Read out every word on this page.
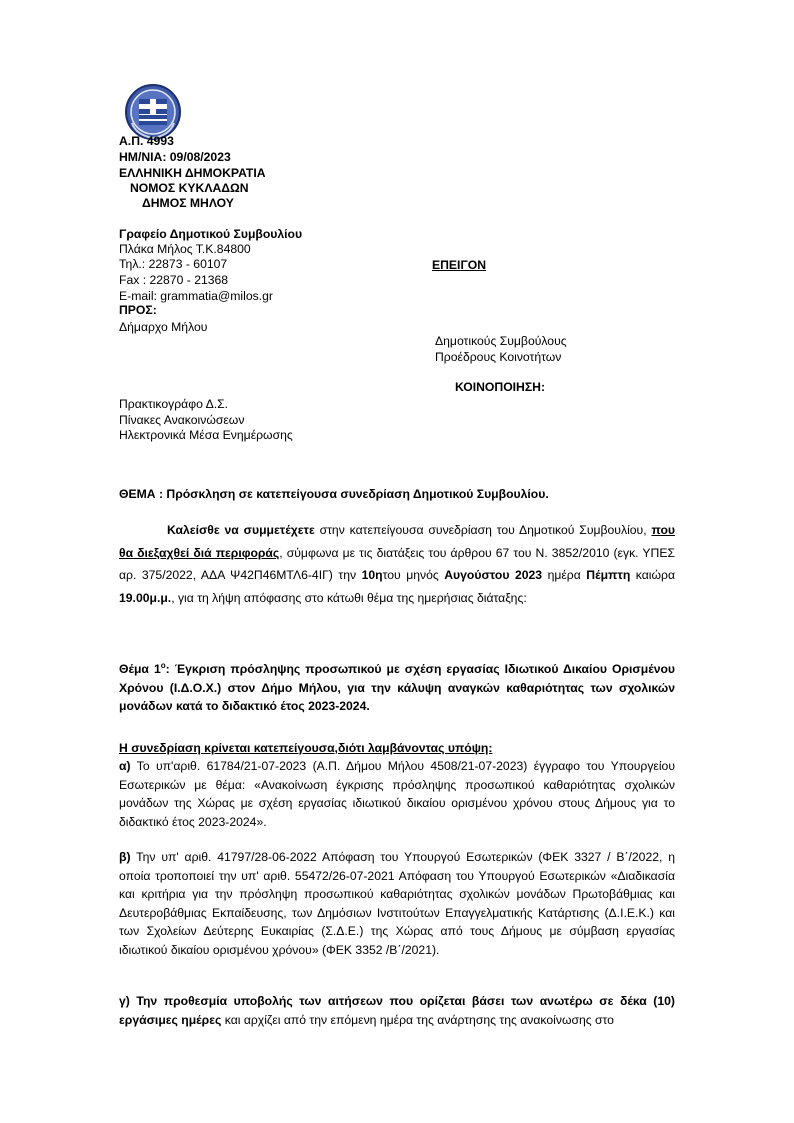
Α.Π. 4993
ΗΜ/ΝΙΑ: 09/08/2023
ΕΛΛΗΝΙΚΗ ΔΗΜΟΚΡΑΤΙΑ
ΝΟΜΟΣ ΚΥΚΛΑΔΩΝ
ΔΗΜΟΣ ΜΗΛΟΥ
Γραφείο Δημοτικού Συμβουλίου
Πλάκα Μήλος Τ.Κ.84800
Τηλ.: 22873 - 60107
Fax : 22870 - 21368
E-mail: grammatia@milos.gr
ΕΠΕΙΓΟΝ
ΠΡΟΣ:
Δήμαρχο Μήλου
Δημοτικούς Συμβούλους
Προέδρους Κοινοτήτων
ΚΟΙΝΟΠΟΙΗΣΗ:
Πρακτικογράφο Δ.Σ.
Πίνακες Ανακοινώσεων
Ηλεκτρονικά Μέσα Ενημέρωσης
ΘΕΜΑ : Πρόσκληση σε κατεπείγουσα συνεδρίαση Δημοτικού Συμβουλίου.
Καλείσθε να συμμετέχετε στην κατεπείγουσα συνεδρίαση του Δημοτικού Συμβουλίου, που θα διεξαχθεί διά περιφοράς, σύμφωνα με τις διατάξεις του άρθρου 67 του Ν. 3852/2010 (εγκ. ΥΠΕΣ αρ. 375/2022, ΑΔΑ Ψ42Π46ΜΤΛ6-4ΙΓ) την 10ητου μηνός Αυγούστου 2023 ημέρα Πέμπτη καιώρα 19.00μ.μ., για τη λήψη απόφασης στο κάτωθι θέμα της ημερήσιας διάταξης:
Θέμα $1^o$: Έγκριση πρόσληψης προσωπικού με σχέση εργασίας Ιδιωτικού Δικαίου Ορισμένου Χρόνου (Ι.Δ.Ο.Χ.) στον Δήμο Μήλου, για την κάλυψη αναγκών καθαριότητας των σχολικών μονάδων κατά το διδακτικό έτος 2023-2024.
Η συνεδρίαση κρίνεται κατεπείγουσα,διότι λαμβάνοντας υπόψη:
α) Το υπ'αριθ. 61784/21-07-2023 (Α.Π. Δήμου Μήλου 4508/21-07-2023) έγγραφο του Υπουργείου Εσωτερικών με θέμα: «Ανακοίνωση έγκρισης πρόσληψης προσωπικού καθαριότητας σχολικών μονάδων της Χώρας με σχέση εργασίας ιδιωτικού δικαίου ορισμένου χρόνου στους Δήμους για το διδακτικό έτος 2023-2024».
β) Την υπ' αριθ. 41797/28-06-2022 Απόφαση του Υπουργού Εσωτερικών (ΦΕΚ 3327 / Β΄/2022, η οποία τροποποιεί την υπ' αριθ. 55472/26-07-2021 Απόφαση του Υπουργού Εσωτερικών «Διαδικασία και κριτήρια για την πρόσληψη προσωπικού καθαριότητας σχολικών μονάδων Πρωτοβάθμιας και Δευτεροβάθμιας Εκπαίδευσης, των Δημόσιων Ινστιτούτων Επαγγελματικής Κατάρτισης (Δ.Ι.Ε.Κ.) και των Σχολείων Δεύτερης Ευκαιρίας (Σ.Δ.Ε.) της Χώρας από τους Δήμους με σύμβαση εργασίας ιδιωτικού δικαίου ορισμένου χρόνου» (ΦΕΚ 3352 /Β΄/2021).
γ) Την προθεσμία υποβολής των αιτήσεων που ορίζεται βάσει των ανωτέρω σε δέκα (10) εργάσιμες ημέρες και αρχίζει από την επόμενη ημέρα της ανάρτησης της ανακοίνωσης στο
